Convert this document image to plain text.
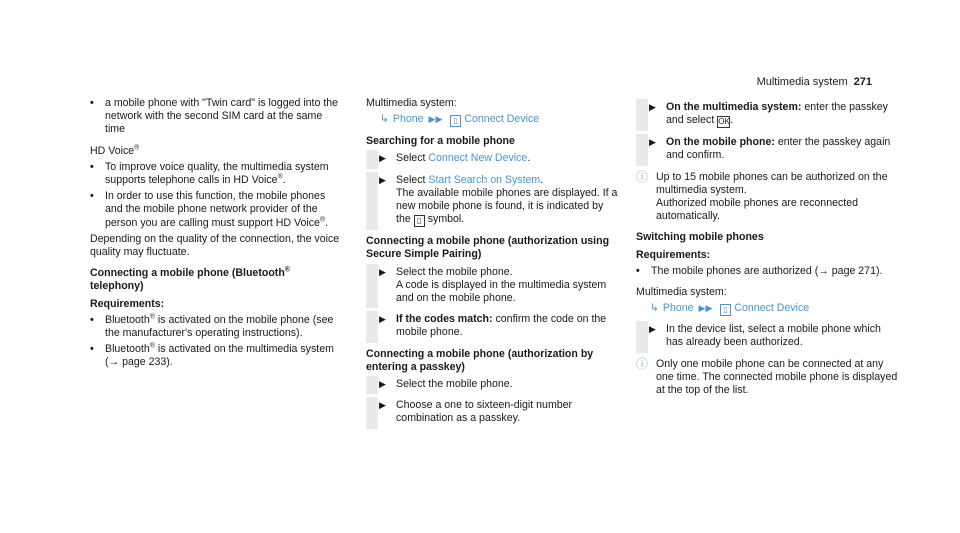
Multimedia system 271
• a mobile phone with "Twin card" is logged into the network with the second SIM card at the same time
HD Voice®
• To improve voice quality, the multimedia system supports telephone calls in HD Voice®.
• In order to use this function, the mobile phones and the mobile phone network provider of the person you are calling must support HD Voice®.
Depending on the quality of the connection, the voice quality may fluctuate.
Connecting a mobile phone (Bluetooth® telephony)
Requirements:
• Bluetooth® is activated on the mobile phone (see the manufacturer's operating instructions).
• Bluetooth® is activated on the multimedia system (→ page 233).
Multimedia system:
↳ Phone ▶▶ ▯ Connect Device
Searching for a mobile phone
▶ Select Connect New Device.
▶ Select Start Search on System.
The available mobile phones are displayed. If a new mobile phone is found, it is indicated by the ▯ symbol.
Connecting a mobile phone (authorization using Secure Simple Pairing)
▶ Select the mobile phone.
A code is displayed in the multimedia system and on the mobile phone.
▶ If the codes match: confirm the code on the mobile phone.
Connecting a mobile phone (authorization by entering a passkey)
▶ Select the mobile phone.
▶ Choose a one to sixteen-digit number combination as a passkey.
▶ On the multimedia system: enter the passkey and select OK.
▶ On the mobile phone: enter the passkey again and confirm.
ⓘ Up to 15 mobile phones can be authorized on the multimedia system.
Authorized mobile phones are reconnected automatically.
Switching mobile phones
Requirements:
• The mobile phones are authorized (→ page 271).
Multimedia system:
↳ Phone ▶▶ ▯ Connect Device
▶ In the device list, select a mobile phone which has already been authorized.
ⓘ Only one mobile phone can be connected at any one time. The connected mobile phone is displayed at the top of the list.
